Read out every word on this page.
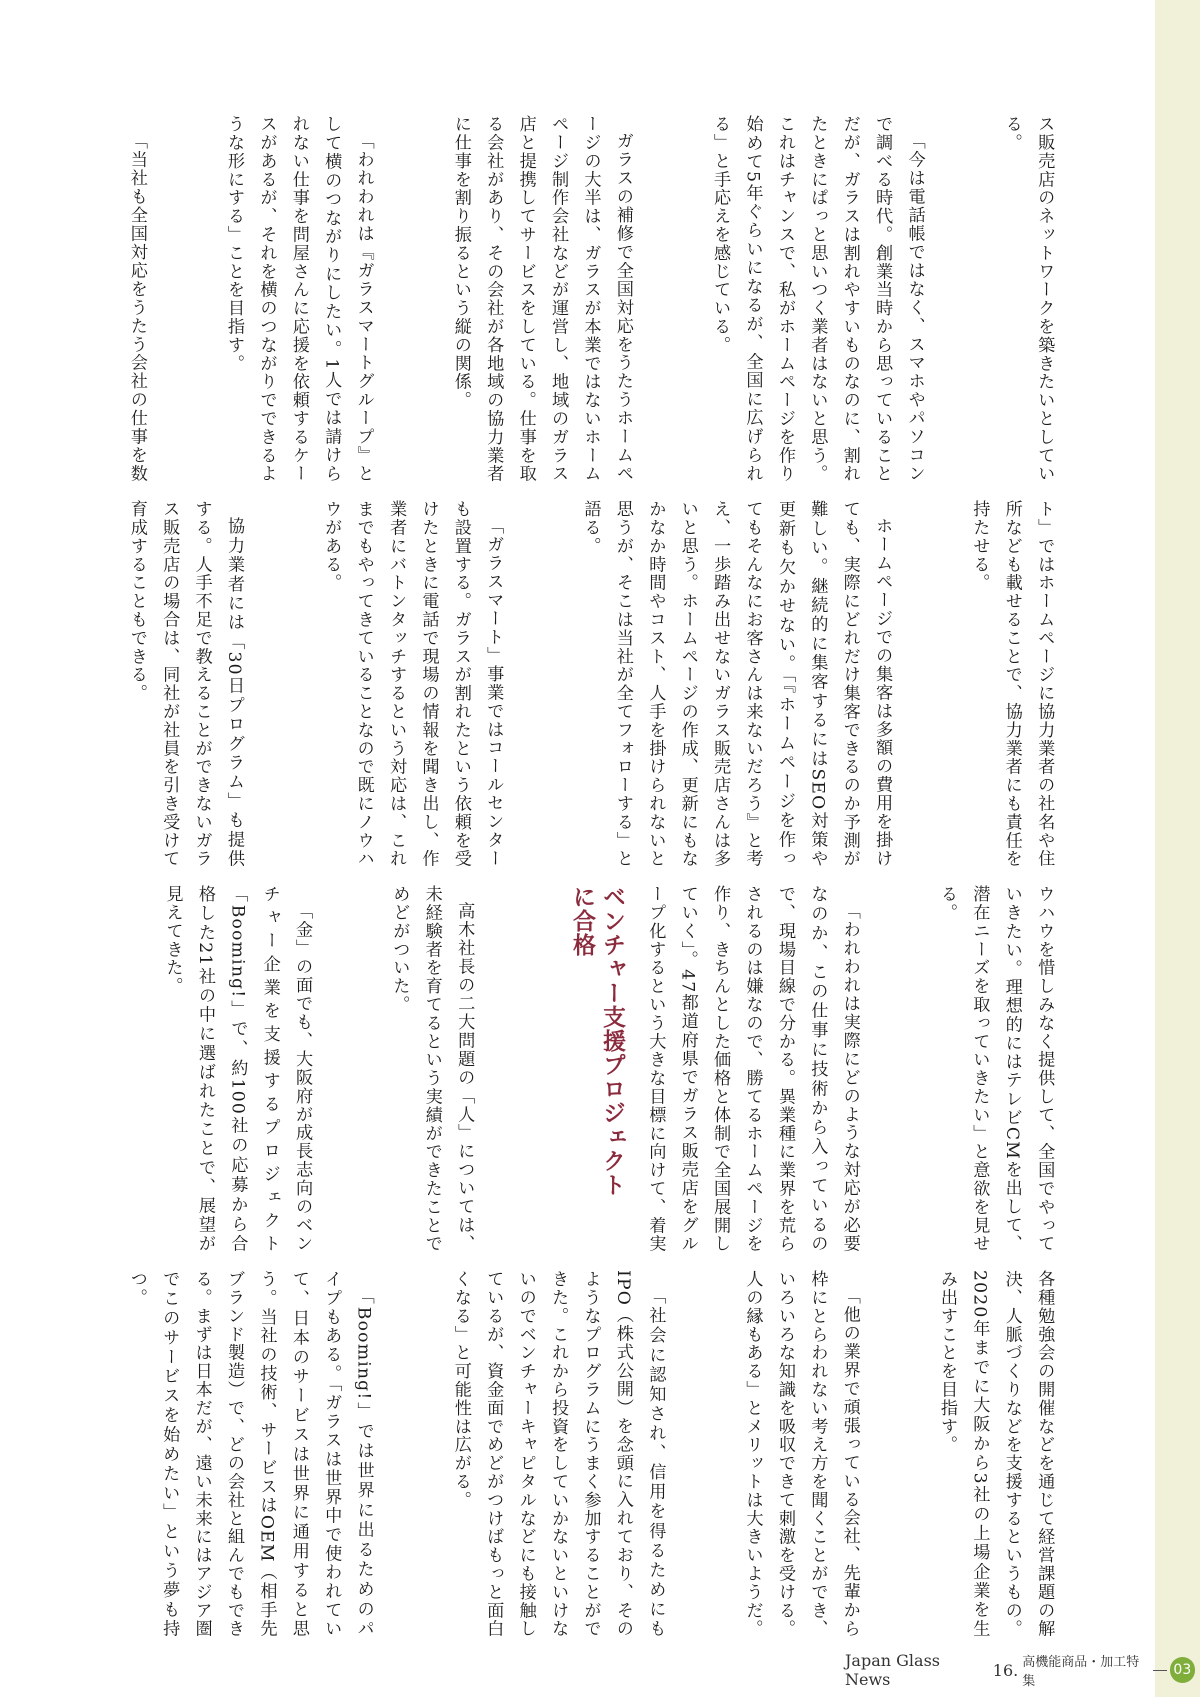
ス販売店のネットワークを築きたいとしている。

「今は電話帳ではなく、スマホやパソコンで調べる時代。創業当時から思っていることだが、ガラスは割れやすいものなのに、割れたときにぱっと思いつく業者はないと思う。これはチャンスで、私がホームページを作り始めて5年ぐらいになるが、全国に広げられる」と手応えを感じている。

ガラスの補修で全国対応をうたうホームページの大半は、ガラスが本業ではないホームページ制作会社などが運営し、地域のガラス店と提携してサービスをしている。仕事を取る会社があり、その会社が各地域の協力業者に仕事を割り振るという縦の関係。

「われわれは『ガラスマートグループ』として横のつながりにしたい。1人では請けられない仕事を問屋さんに応援を依頼するケースがあるが、それを横のつながりでできるような形にする」ことを目指す。

「当社も全国対応をうたう会社の仕事を数

ト」ではホームページに協力業者の社名や住所なども載せることで、協力業者にも責任を持たせる。

ホームページでの集客は多額の費用を掛けても、実際にどれだけ集客できるのか予測が難しい。継続的に集客するにはSEO対策や更新も欠かせない。「『ホームページを作ってもそんなにお客さんは来ないだろう』と考え、一歩踏み出せないガラス販売店さんは多いと思う。ホームページの作成、更新にもなかなか時間やコスト、人手を掛けられないと思うが、そこは当社が全てフォローする」と語る。

「ガラスマート」事業ではコールセンターも設置する。ガラスが割れたという依頼を受けたときに電話で現場の情報を聞き出し、作業者にバトンタッチするという対応は、これまでもやってきていることなので既にノウハウがある。

協力業者には「30日プログラム」も提供する。人手不足で教えることができないガラス販売店の場合は、同社が社員を引き受けて育成することもできる。

ウハウを惜しみなく提供して、全国でやっていきたい。理想的にはテレビCMを出して、潜在ニーズを取っていきたい」と意欲を見せる。

「われわれは実際にどのような対応が必要なのか、この仕事に技術から入っているので、現場目線で分かる。異業種に業界を荒らされるのは嫌なので、勝てるホームページを作り、きちんとした価格と体制で全国展開していく」。47都道府県でガラス販売店をグループ化するという大きな目標に向けて、着実

ベンチャー支援プロジェクト
に合格

高木社長の二大問題の「人」については、未経験者を育てるという実績ができたことでめどがついた。

「金」の面でも、大阪府が成長志向のベンチャー企業を支援するプロジェクト「Booming!」で、約100社の応募から合格した21社の中に選ばれたことで、展望が見えてきた。

各種勉強会の開催などを通じて経営課題の解決、人脈づくりなどを支援するというもの。2020年までに大阪から3社の上場企業を生み出すことを目指す。

「他の業界で頑張っている会社、先輩から枠にとらわれない考え方を聞くことができ、いろいろな知識を吸収できて刺激を受ける。人の縁もある」とメリットは大きいようだ。

「社会に認知され、信用を得るためにもIPO（株式公開）を念頭に入れており、そのようなプログラムにうまく参加することができた。これから投資をしていかないといけないのでベンチャーキャピタルなどにも接触しているが、資金面でめどがつけばもっと面白くなる」と可能性は広がる。

「Booming!」では世界に出るためのパイプもある。「ガラスは世界中で使われていて、日本のサービスは世界に通用すると思う。当社の技術、サービスはOEM（相手先ブランド製造）で、どの会社と組んでもできる。まずは日本だが、遠い未来にはアジア圏でこのサービスを始めたい」という夢も持つ。

Japan Glass News	16. 高機能商品・加工特集
03
